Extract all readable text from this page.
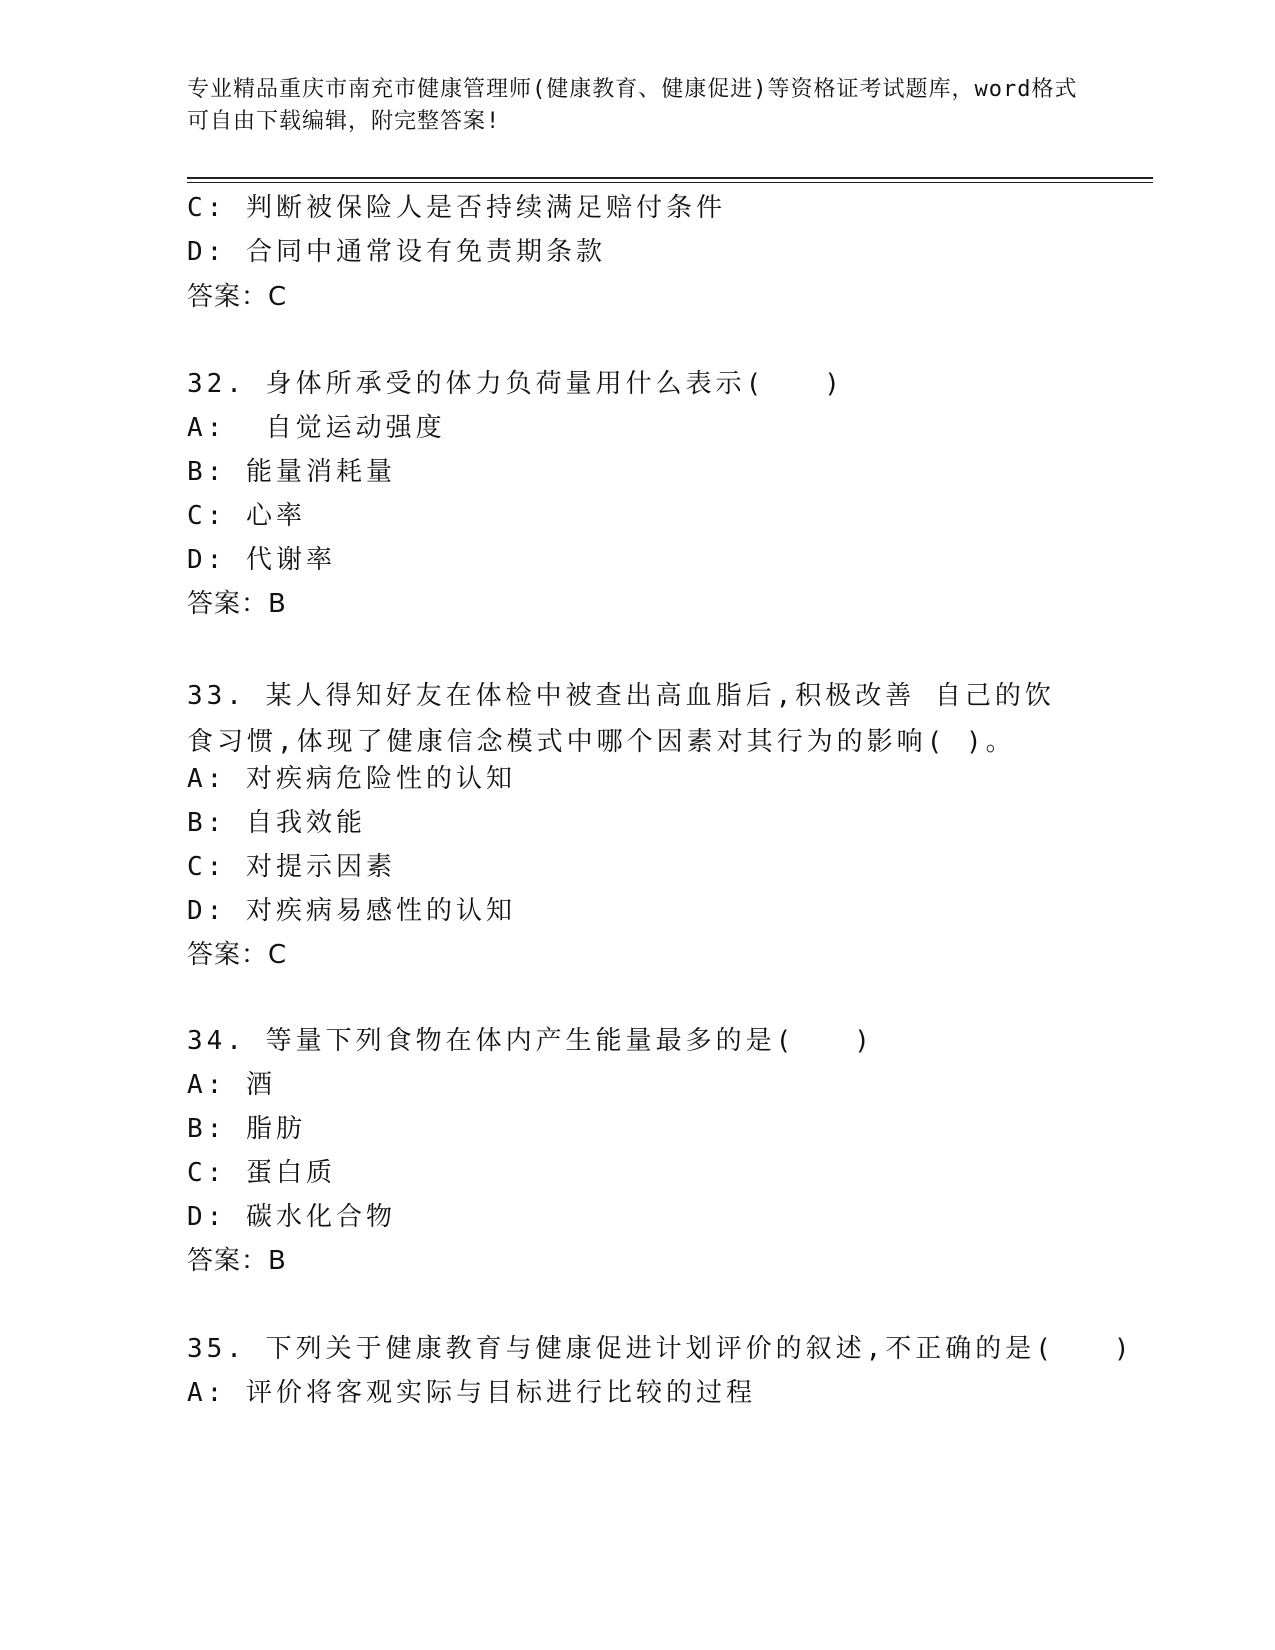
专业精品重庆市南充市健康管理师(健康教育、健康促进)等资格证考试题库，word格式可自由下载编辑，附完整答案!
C: 判断被保险人是否持续满足赔付条件
D: 合同中通常设有免责期条款
答案：C
32. 身体所承受的体力负荷量用什么表示(   )
A:  自觉运动强度
B: 能量消耗量
C: 心率
D: 代谢率
答案：B
33. 某人得知好友在体检中被查出高血脂后,积极改善 自己的饮食习惯,体现了健康信念模式中哪个因素对其行为的影响( )。
A: 对疾病危险性的认知
B: 自我效能
C: 对提示因素
D: 对疾病易感性的认知
答案：C
34. 等量下列食物在体内产生能量最多的是(   )
A: 酒
B: 脂肪
C: 蛋白质
D: 碳水化合物
答案：B
35. 下列关于健康教育与健康促进计划评价的叙述,不正确的是(   )
A: 评价将客观实际与目标进行比较的过程
